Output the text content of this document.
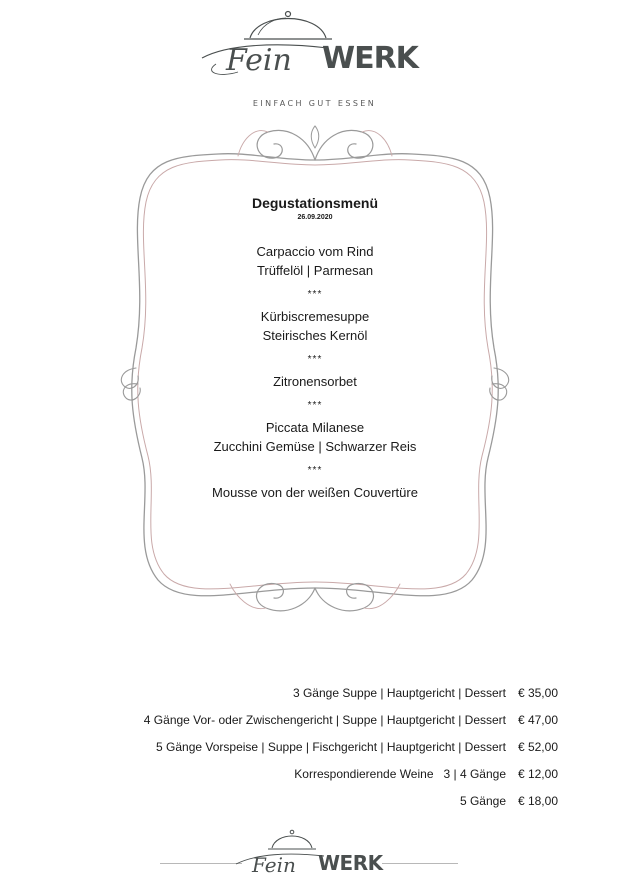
Fein WERK
EINFACH GUT ESSEN
Degustationsmenü
26.09.2020
Carpaccio vom Rind
Trüffelöl | Parmesan
***
Kürbiscremesuppe
Steirisches Kernöl
***
Zitronensorbet
***
Piccata Milanese
Zucchini Gemüse | Schwarzer Reis
***
Mousse von der weißen Couvertüre
3 Gänge Suppe | Hauptgericht | Dessert € 35,00
4 Gänge Vor- oder Zwischengericht | Suppe | Hauptgericht | Dessert € 47,00
5 Gänge Vorspeise | Suppe | Fischgericht | Hauptgericht | Dessert € 52,00
Korrespondierende Weine   3 | 4 Gänge € 12,00
5 Gänge € 18,00
Fein WERK
